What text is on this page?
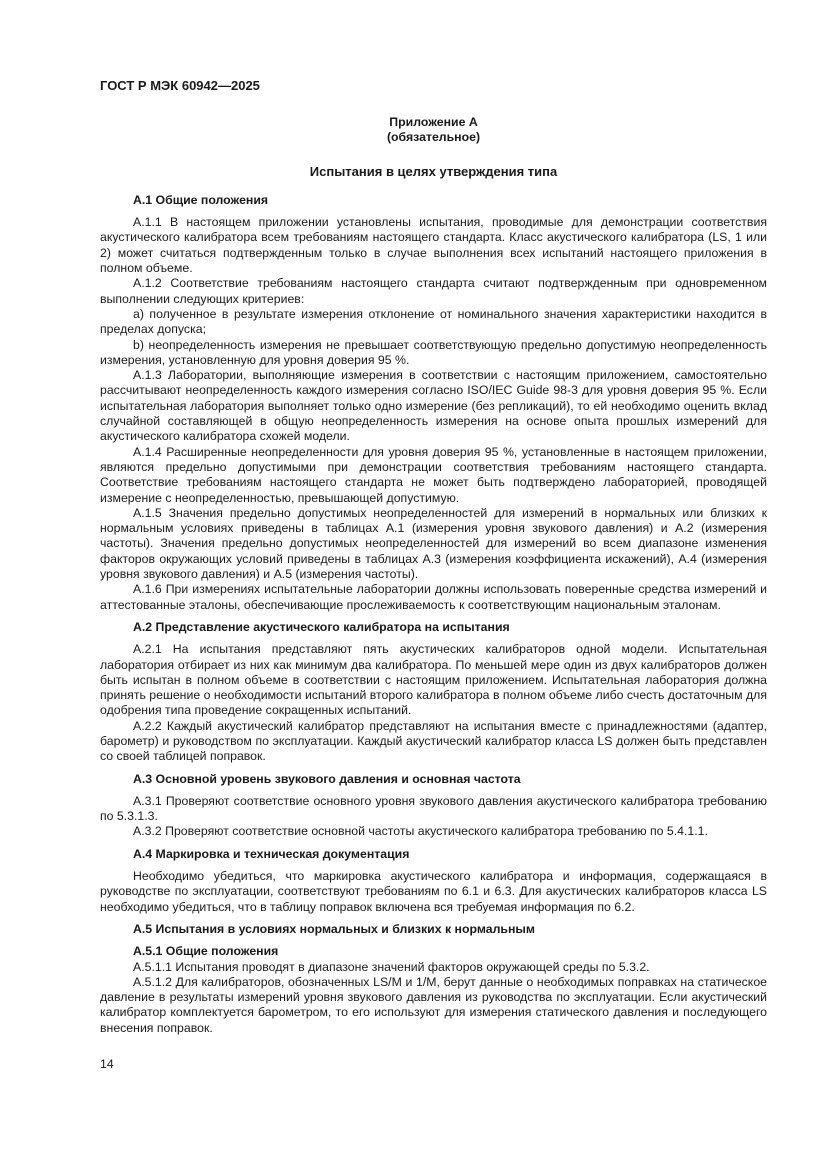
ГОСТ Р МЭК 60942—2025
Приложение А
(обязательное)
Испытания в целях утверждения типа
А.1 Общие положения

А.1.1 В настоящем приложении установлены испытания, проводимые для демонстрации соответствия акустического калибратора всем требованиям настоящего стандарта. Класс акустического калибратора (LS, 1 или 2) может считаться подтвержденным только в случае выполнения всех испытаний настоящего приложения в полном объеме.

А.1.2 Соответствие требованиям настоящего стандарта считают подтвержденным при одновременном выполнении следующих критериев:

а) полученное в результате измерения отклонение от номинального значения характеристики находится в пределах допуска;

b) неопределенность измерения не превышает соответствующую предельно допустимую неопределенность измерения, установленную для уровня доверия 95 %.

А.1.3 Лаборатории, выполняющие измерения в соответствии с настоящим приложением, самостоятельно рассчитывают неопределенность каждого измерения согласно ISO/IEC Guide 98-3 для уровня доверия 95 %. Если испытательная лаборатория выполняет только одно измерение (без репликаций), то ей необходимо оценить вклад случайной составляющей в общую неопределенность измерения на основе опыта прошлых измерений для акустического калибратора схожей модели.

А.1.4 Расширенные неопределенности для уровня доверия 95 %, установленные в настоящем приложении, являются предельно допустимыми при демонстрации соответствия требованиям настоящего стандарта. Соответствие требованиям настоящего стандарта не может быть подтверждено лабораторией, проводящей измерение с неопределенностью, превышающей допустимую.

А.1.5 Значения предельно допустимых неопределенностей для измерений в нормальных или близких к нормальным условиях приведены в таблицах А.1 (измерения уровня звукового давления) и А.2 (измерения частоты). Значения предельно допустимых неопределенностей для измерений во всем диапазоне изменения факторов окружающих условий приведены в таблицах А.3 (измерения коэффициента искажений), А.4 (измерения уровня звукового давления) и А.5 (измерения частоты).

А.1.6 При измерениях испытательные лаборатории должны использовать поверенные средства измерений и аттестованные эталоны, обеспечивающие прослеживаемость к соответствующим национальным эталонам.

А.2 Представление акустического калибратора на испытания

А.2.1 На испытания представляют пять акустических калибраторов одной модели. Испытательная лаборатория отбирает из них как минимум два калибратора. По меньшей мере один из двух калибраторов должен быть испытан в полном объеме в соответствии с настоящим приложением. Испытательная лаборатория должна принять решение о необходимости испытаний второго калибратора в полном объеме либо счесть достаточным для одобрения типа проведение сокращенных испытаний.

А.2.2 Каждый акустический калибратор представляют на испытания вместе с принадлежностями (адаптер, барометр) и руководством по эксплуатации. Каждый акустический калибратор класса LS должен быть представлен со своей таблицей поправок.

А.3 Основной уровень звукового давления и основная частота

А.3.1 Проверяют соответствие основного уровня звукового давления акустического калибратора требованию по 5.3.1.3.

А.3.2 Проверяют соответствие основной частоты акустического калибратора требованию по 5.4.1.1.

А.4 Маркировка и техническая документация

Необходимо убедиться, что маркировка акустического калибратора и информация, содержащаяся в руководстве по эксплуатации, соответствуют требованиям по 6.1 и 6.3. Для акустических калибраторов класса LS необходимо убедиться, что в таблицу поправок включена вся требуемая информация по 6.2.

А.5 Испытания в условиях нормальных и близких к нормальным
А.5.1 Общие положения

А.5.1.1 Испытания проводят в диапазоне значений факторов окружающей среды по 5.3.2.

А.5.1.2 Для калибраторов, обозначенных LS/M и 1/M, берут данные о необходимых поправках на статическое давление в результаты измерений уровня звукового давления из руководства по эксплуатации. Если акустический калибратор комплектуется барометром, то его используют для измерения статического давления и последующего внесения поправок.

14
